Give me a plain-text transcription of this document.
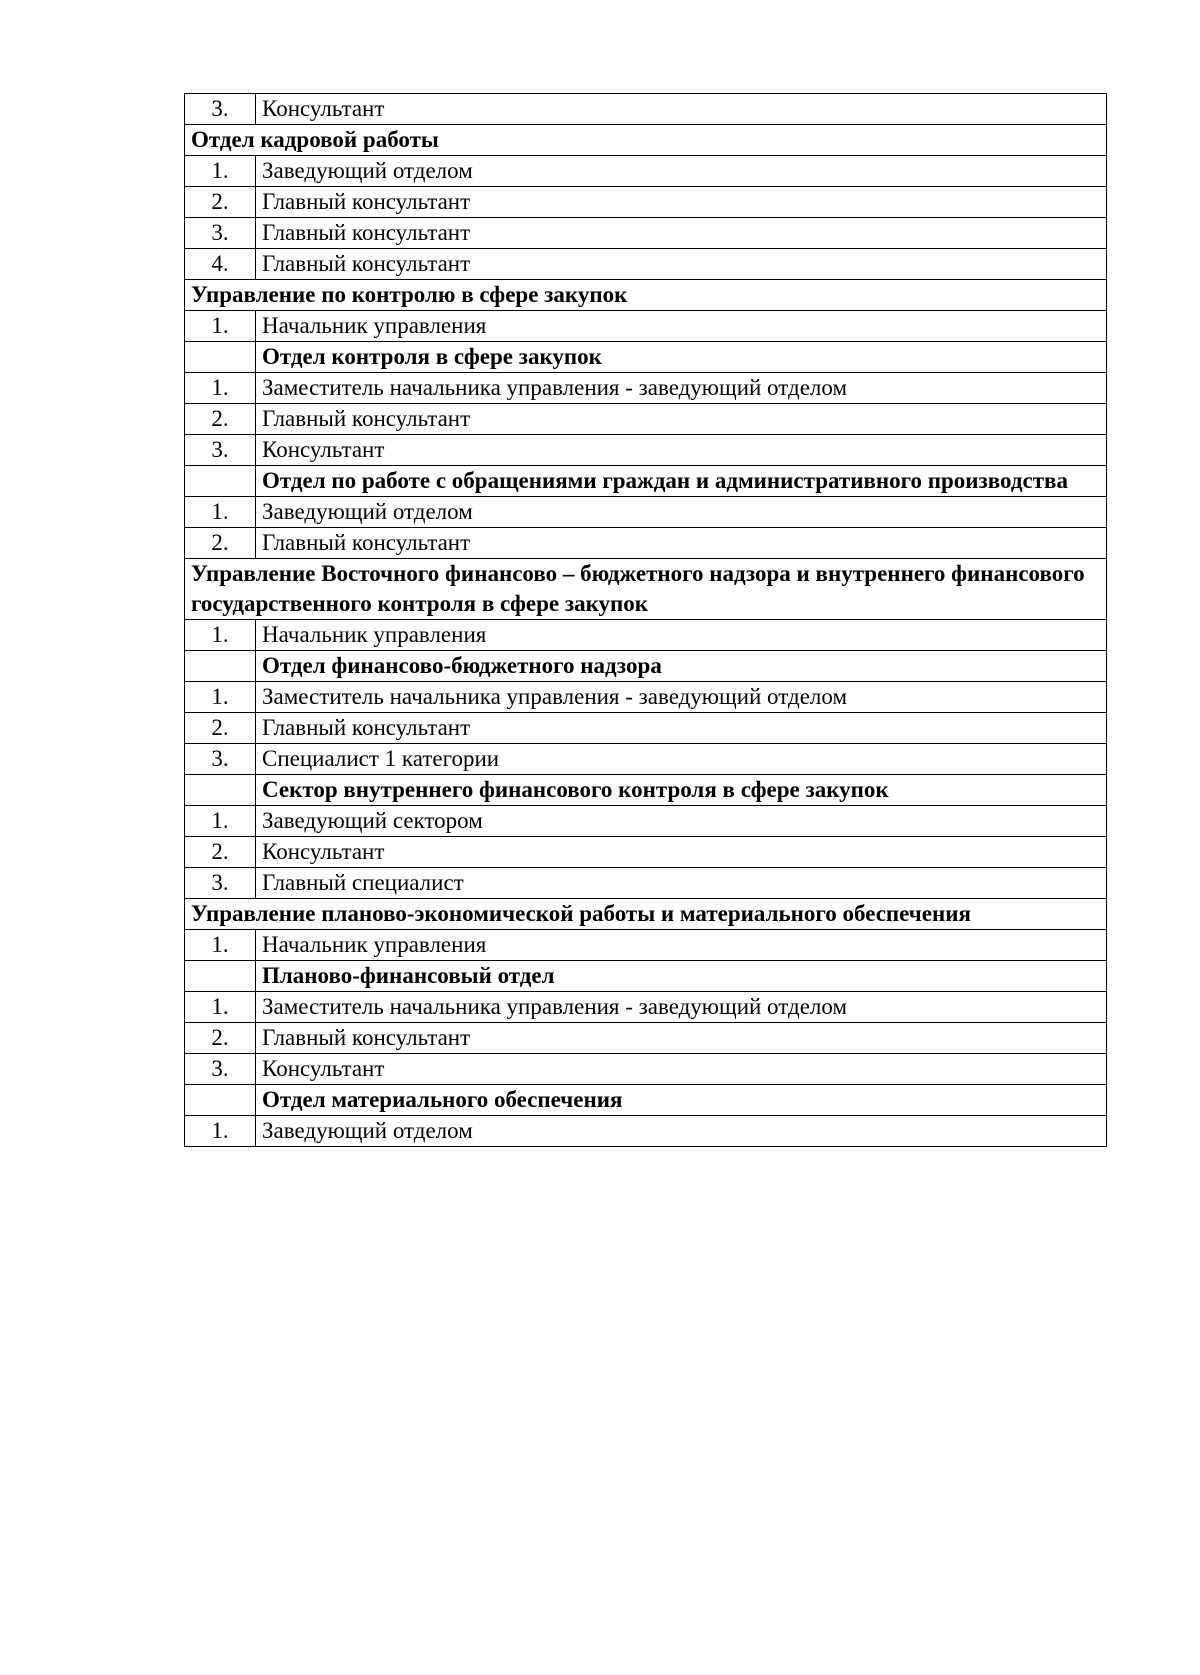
3.	Консультант
Отдел кадровой работы	
1.	Заведующий отделом
2.	Главный консультант
3.	Главный консультант
4.	Главный консультант
Управление по контролю в сфере закупок	
1.	Начальник управления
	Отдел контроля в сфере закупок
1.	Заместитель начальника управления - заведующий отделом
2.	Главный консультант
3.	Консультант
	Отдел по работе с обращениями граждан и административного производства
1.	Заведующий отделом
2.	Главный консультант
Управление Восточного финансово – бюджетного надзора и внутреннего финансового государственного контроля в сфере закупок	
1.	Начальник управления
	Отдел финансово-бюджетного надзора
1.	Заместитель начальника управления - заведующий отделом
2.	Главный консультант
3.	Специалист 1 категории
	Сектор внутреннего финансового контроля в сфере закупок
1.	Заведующий сектором
2.	Консультант
3.	Главный специалист
Управление планово-экономической работы и материального обеспечения	
1.	Начальник управления
	Планово-финансовый отдел
1.	Заместитель начальника управления - заведующий отделом
2.	Главный консультант
3.	Консультант
	Отдел материального обеспечения
1.	Заведующий отделом
